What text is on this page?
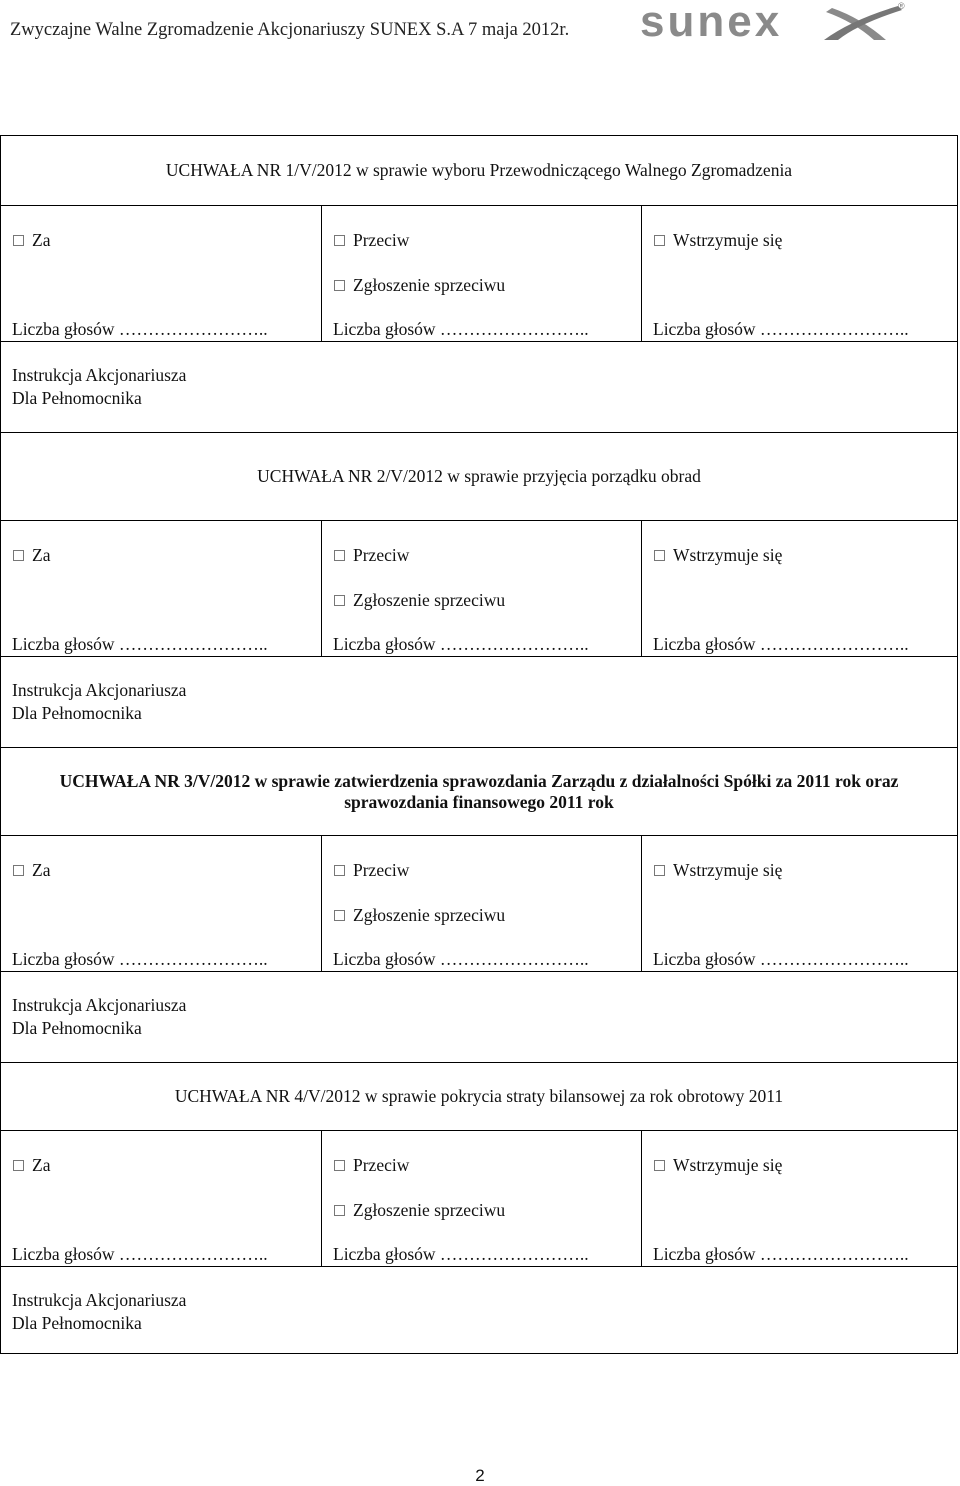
Zwyczajne Walne Zgromadzenie Akcjonariuszy SUNEX S.A 7 maja 2012r. sunex	®
UCHWAŁA NR 1/V/2012 w sprawie wyboru Przewodniczącego Walnego Zgromadzenia
Za
Liczba głosów ……………………..
Przeciw
Zgłoszenie sprzeciwu
Liczba głosów ……………………..
Wstrzymuje się
Liczba głosów ……………………..
Instrukcja Akcjonariusza
Dla Pełnomocnika
UCHWAŁA NR 2/V/2012 w sprawie przyjęcia porządku obrad
Za
Liczba głosów ……………………..
Przeciw
Zgłoszenie sprzeciwu
Liczba głosów ……………………..
Wstrzymuje się
Liczba głosów ……………………..
Instrukcja Akcjonariusza
Dla Pełnomocnika
UCHWAŁA NR 3/V/2012 w sprawie zatwierdzenia sprawozdania Zarządu z działalności Spółki za 2011 rok oraz sprawozdania finansowego 2011 rok
Za
Liczba głosów ……………………..
Przeciw
Zgłoszenie sprzeciwu
Liczba głosów ……………………..
Wstrzymuje się
Liczba głosów ……………………..
Instrukcja Akcjonariusza
Dla Pełnomocnika
UCHWAŁA NR 4/V/2012 w sprawie pokrycia straty bilansowej za rok obrotowy 2011
Za
Liczba głosów ……………………..
Przeciw
Zgłoszenie sprzeciwu
Liczba głosów ……………………..
Wstrzymuje się
Liczba głosów ……………………..
Instrukcja Akcjonariusza
Dla Pełnomocnika
2
